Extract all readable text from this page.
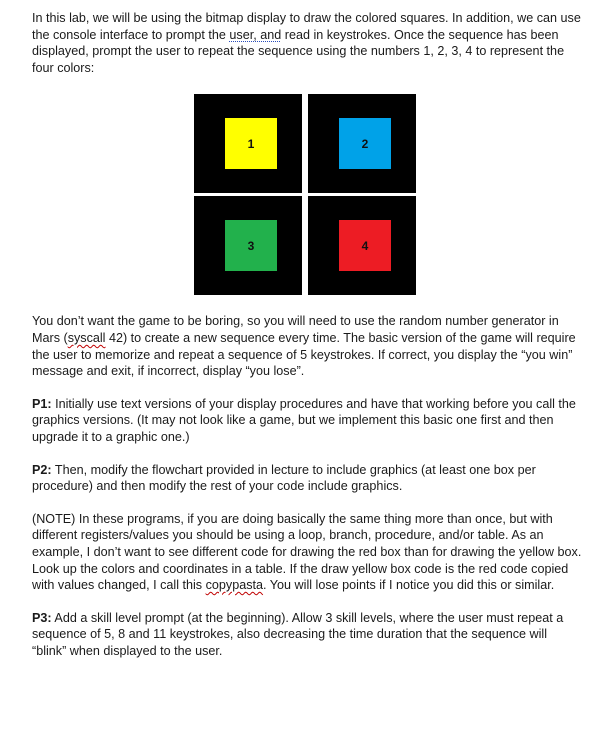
In this lab, we will be using the bitmap display to draw the colored squares. In addition, we can use the console interface to prompt the user, and read in keystrokes. Once the sequence has been displayed, prompt the user to repeat the sequence using the numbers 1, 2, 3, 4 to represent the four colors:

1	2
3	4

You don’t want the game to be boring, so you will need to use the random number generator in Mars (syscall 42) to create a new sequence every time. The basic version of the game will require the user to memorize and repeat a sequence of 5 keystrokes. If correct, you display the “you win” message and exit, if incorrect, display “you lose”.

P1: Initially use text versions of your display procedures and have that working before you call the graphics versions. (It may not look like a game, but we implement this basic one first and then upgrade it to a graphic one.)

P2: Then, modify the flowchart provided in lecture to include graphics (at least one box per procedure) and then modify the rest of your code include graphics.

(NOTE) In these programs, if you are doing basically the same thing more than once, but with different registers/values you should be using a loop, branch, procedure, and/or table. As an example, I don’t want to see different code for drawing the red box than for drawing the yellow box. Look up the colors and coordinates in a table. If the draw yellow box code is the red code copied with values changed, I call this copypasta. You will lose points if I notice you did this or similar.

P3: Add a skill level prompt (at the beginning). Allow 3 skill levels, where the user must repeat a sequence of 5, 8 and 11 keystrokes, also decreasing the time duration that the sequence will “blink” when displayed to the user.
